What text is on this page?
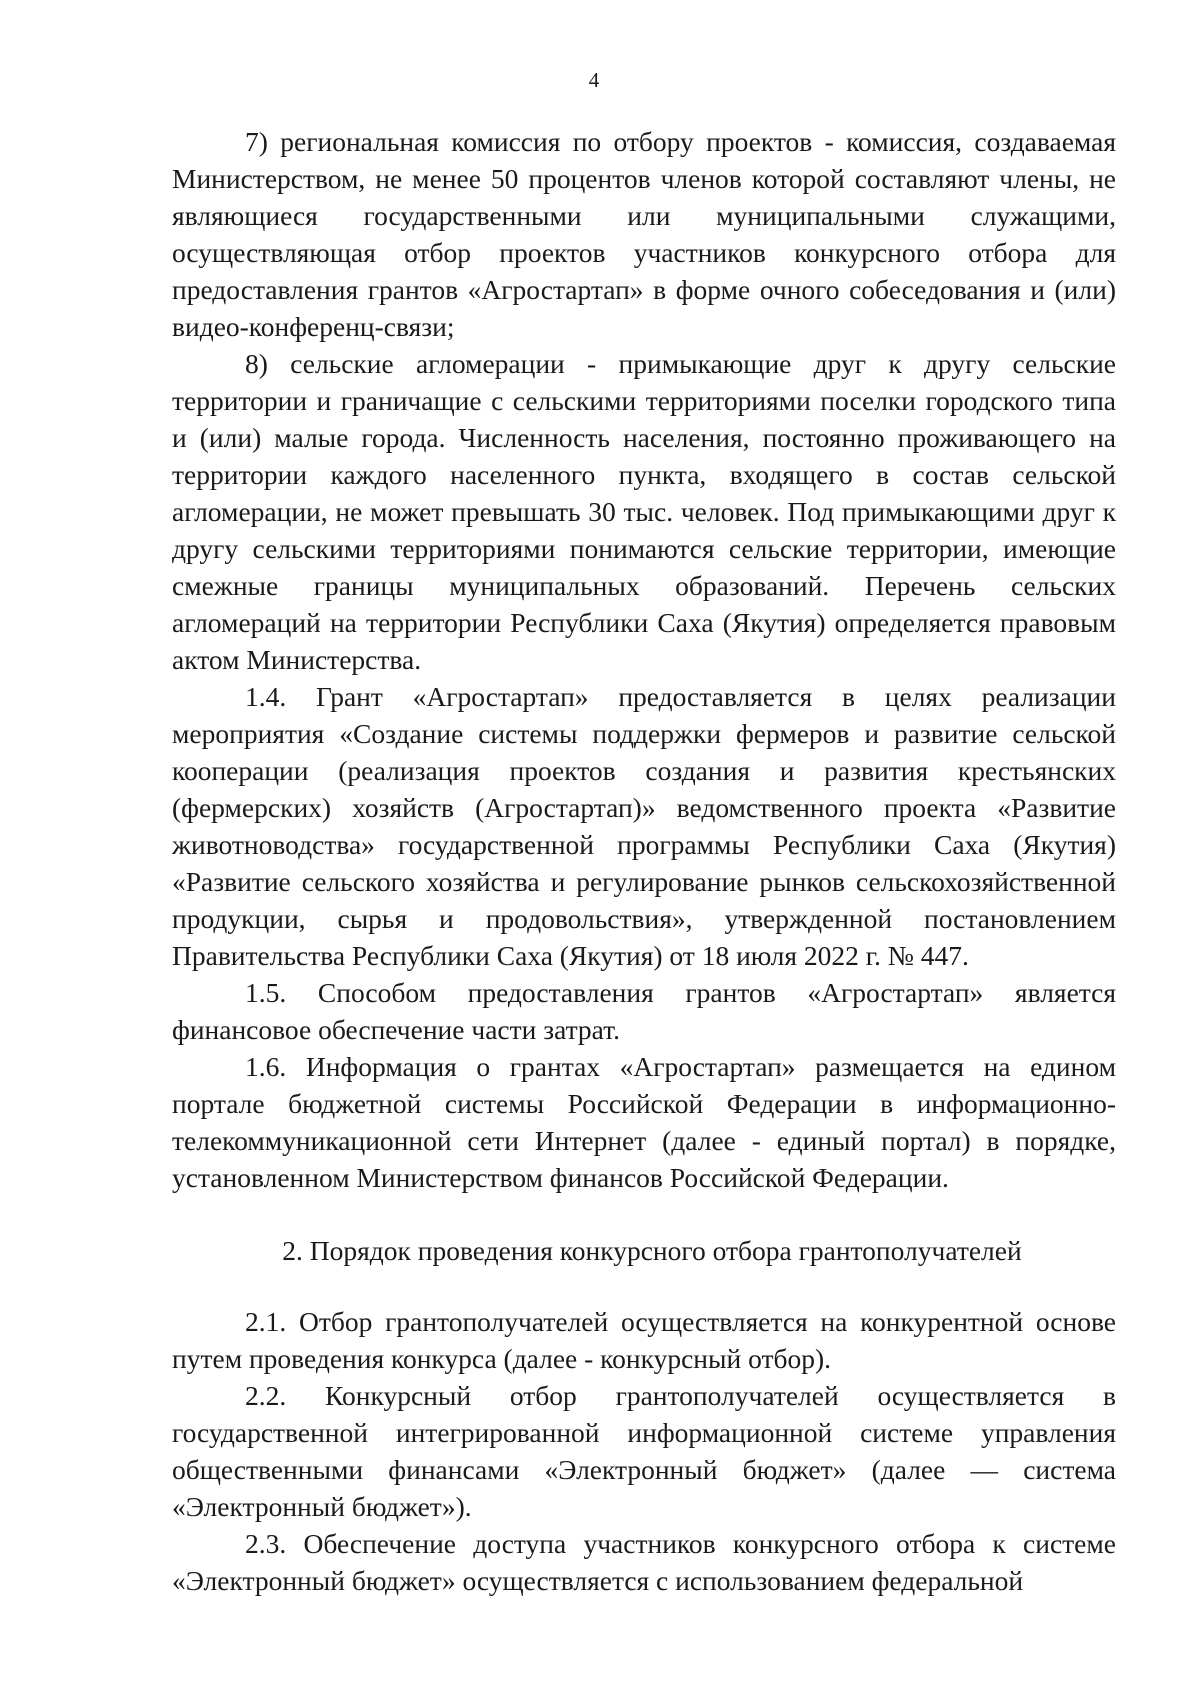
4

7) региональная комиссия по отбору проектов - комиссия, создаваемая Министерством, не менее 50 процентов членов которой составляют члены, не являющиеся государственными или муниципальными служащими, осуществляющая отбор проектов участников конкурсного отбора для предоставления грантов «Агростартап» в форме очного собеседования и (или) видео-конференц-связи;

8) сельские агломерации - примыкающие друг к другу сельские территории и граничащие с сельскими территориями поселки городского типа и (или) малые города. Численность населения, постоянно проживающего на территории каждого населенного пункта, входящего в состав сельской агломерации, не может превышать 30 тыс. человек. Под примыкающими друг к другу сельскими территориями понимаются сельские территории, имеющие смежные границы муниципальных образований. Перечень сельских агломераций на территории Республики Саха (Якутия) определяется правовым актом Министерства.

1.4. Грант «Агростартап» предоставляется в целях реализации мероприятия «Создание системы поддержки фермеров и развитие сельской кооперации (реализация проектов создания и развития крестьянских (фермерских) хозяйств (Агростартап)» ведомственного проекта «Развитие животноводства» государственной программы Республики Саха (Якутия) «Развитие сельского хозяйства и регулирование рынков сельскохозяйственной продукции, сырья и продовольствия», утвержденной постановлением Правительства Республики Саха (Якутия) от 18 июля 2022 г. № 447.

1.5. Способом предоставления грантов «Агростартап» является финансовое обеспечение части затрат.

1.6. Информация о грантах «Агростартап» размещается на едином портале бюджетной системы Российской Федерации в информационно-телекоммуникационной сети Интернет (далее - единый портал) в порядке, установленном Министерством финансов Российской Федерации.

2. Порядок проведения конкурсного отбора грантополучателей

2.1. Отбор грантополучателей осуществляется на конкурентной основе путем проведения конкурса (далее - конкурсный отбор).

2.2. Конкурсный отбор грантополучателей осуществляется в государственной интегрированной информационной системе управления общественными финансами «Электронный бюджет» (далее — система «Электронный бюджет»).

2.3. Обеспечение доступа участников конкурсного отбора к системе «Электронный бюджет» осуществляется с использованием федеральной
